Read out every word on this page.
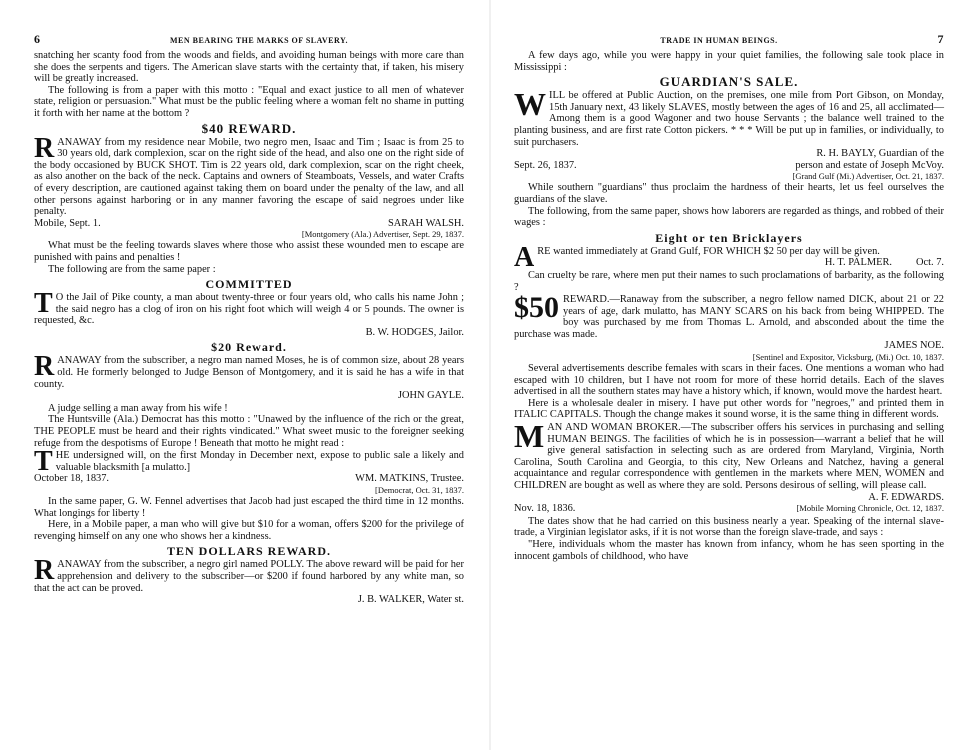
6	MEN BEARING THE MARKS OF SLAVERY.

snatching her scanty food from the woods and fields, and avoiding human beings with more care than she does the serpents and tigers. The American slave starts with the certainty that, if taken, his misery will be greatly increased.

The following is from a paper with this motto : "Equal and exact justice to all men of whatever state, religion or persuasion." What must be the public feeling where a woman felt no shame in putting it forth with her name at the bottom ?

$40 REWARD.
R ANAWAY from my residence near Mobile, two negro men, Isaac and Tim ; Isaac is from 25 to 30 years old, dark complexion, scar on the right side of the head, and also one on the right side of the body occasioned by BUCK SHOT. Tim is 22 years old, dark complexion, scar on the right cheek, as also another on the back of the neck. Captains and owners of Steamboats, Vessels, and water Crafts of every description, are cautioned against taking them on board under the penalty of the law, and all other persons against harboring or in any manner favoring the escape of said negroes under like penalty.

Mobile, Sept. 1.	SARAH WALSH.
[Montgomery (Ala.) Advertiser, Sept. 29, 1837.

What must be the feeling towards slaves where those who assist these wounded men to escape are punished with pains and penalties !

The following are from the same paper :

COMMITTED
T O the Jail of Pike county, a man about twenty-three or four years old, who calls his name John ; the said negro has a clog of iron on his right foot which will weigh 4 or 5 pounds. The owner is requested, &c.

B. W. HODGES, Jailor.
$20 Reward.
R ANAWAY from the subscriber, a negro man named Moses, he is of common size, about 28 years old. He formerly belonged to Judge Benson of Montgomery, and it is said he has a wife in that county.

JOHN GAYLE.

A judge selling a man away from his wife !

The Huntsville (Ala.) Democrat has this motto : "Unawed by the influence of the rich or the great, THE PEOPLE must be heard and their rights vindicated." What sweet music to the foreigner seeking refuge from the despotisms of Europe ! Beneath that motto he might read :

T HE undersigned will, on the first Monday in December next, expose to public sale a likely and valuable blacksmith [a mulatto.]

October 18, 1837.	WM. MATKINS, Trustee.
[Democrat, Oct. 31, 1837.

In the same paper, G. W. Fennel advertises that Jacob had just escaped the third time in 12 months. What longings for liberty !

Here, in a Mobile paper, a man who will give but $10 for a woman, offers $200 for the privilege of revenging himself on any one who shows her a kindness.

TEN DOLLARS REWARD.
R ANAWAY from the subscriber, a negro girl named POLLY. The above reward will be paid for her apprehension and delivery to the subscriber—or $200 if found harbored by any white man, so that the act can be proved.

J. B. WALKER, Water st.
TRADE IN HUMAN BEINGS.	7

A few days ago, while you were happy in your quiet families, the following sale took place in Mississippi :

GUARDIAN'S SALE.
W ILL be offered at Public Auction, on the premises, one mile from Port Gibson, on Monday, 15th January next, 43 likely SLAVES, mostly between the ages of 16 and 25, all acclimated—Among them is a good Wagoner and two house Servants ; the balance well trained to the planting business, and are first rate Cotton pickers. * * * Will be put up in families, or individually, to suit purchasers.

R. H. BAYLY, Guardian of the
Sept. 26, 1837.	person and estate of Joseph McVoy.
[Grand Gulf (Mi.) Advertiser, Oct. 21, 1837.

While southern "guardians" thus proclaim the hardness of their hearts, let us feel ourselves the guardians of the slave.

The following, from the same paper, shows how laborers are regarded as things, and robbed of their wages :

Eight or ten Bricklayers
A RE wanted immediately at Grand Gulf, FOR WHICH $2 50 per day will be given.

H. T. PALMER. Oct. 7.

Can cruelty be rare, where men put their names to such proclamations of barbarity, as the following ?

$50 REWARD.—Ranaway from the subscriber, a negro fellow named DICK, about 21 or 22 years of age, dark mulatto, has MANY SCARS on his back from being WHIPPED. The boy was purchased by me from Thomas L. Arnold, and absconded about the time the purchase was made.

JAMES NOE.
[Sentinel and Expositor, Vicksburg, (Mi.) Oct. 10, 1837.

Several advertisements describe females with scars in their faces. One mentions a woman who had escaped with 10 children, but I have not room for more of these horrid details. Each of the slaves advertised in all the southern states may have a history which, if known, would move the hardest heart.

Here is a wholesale dealer in misery. I have put other words for "negroes," and printed them in ITALIC CAPITALS. Though the change makes it sound worse, it is the same thing in different words.

M AN AND WOMAN BROKER.—The subscriber offers his services in purchasing and selling HUMAN BEINGS. The facilities of which he is in possession—warrant a belief that he will give general satisfaction in selecting such as are ordered from Maryland, Virginia, North Carolina, South Carolina and Georgia, to this city, New Orleans and Natchez, having a general acquaintance and regular correspondence with gentlemen in the markets where MEN, WOMEN and CHILDREN are bought as well as where they are sold. Persons desirous of selling, will please call.

A. F. EDWARDS.
Nov. 18, 1836.	[Mobile Morning Chronicle, Oct. 12, 1837.

The dates show that he had carried on this business nearly a year. Speaking of the internal slave-trade, a Virginian legislator asks, if it is not worse than the foreign slave-trade, and says :

"Here, individuals whom the master has known from infancy, whom he has seen sporting in the innocent gambols of childhood, who have
